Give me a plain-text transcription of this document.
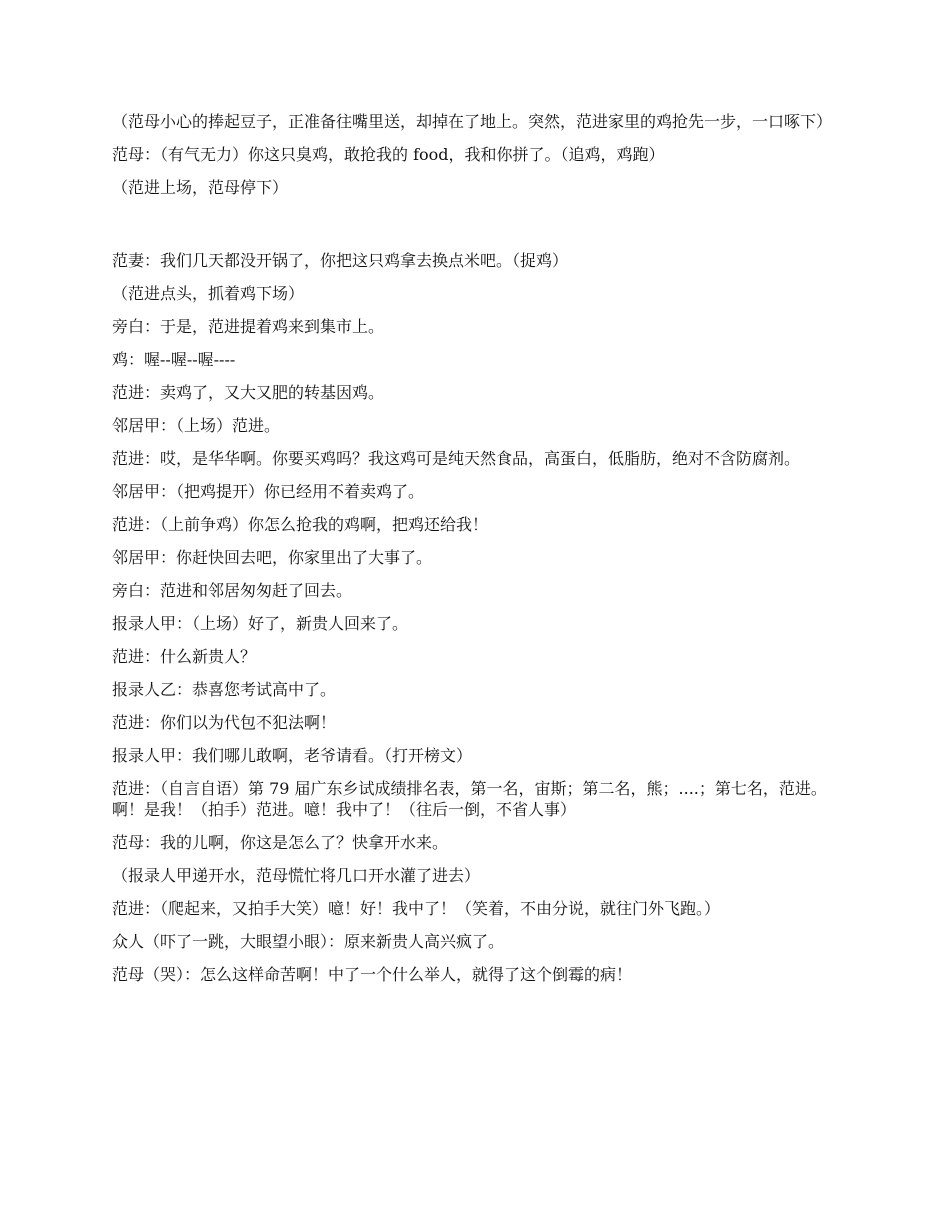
（范母小心的捧起豆子，正准备往嘴里送，却掉在了地上。突然，范进家里的鸡抢先一步，一口啄下）

范母：（有气无力）你这只臭鸡，敢抢我的 food，我和你拼了。（追鸡，鸡跑）

（范进上场，范母停下）

范妻：我们几天都没开锅了，你把这只鸡拿去换点米吧。（捉鸡）

（范进点头，抓着鸡下场）

旁白：于是，范进提着鸡来到集市上。

鸡：喔--喔--喔----

范进：卖鸡了，又大又肥的转基因鸡。

邻居甲：（上场）范进。

范进：哎，是华华啊。你要买鸡吗？我这鸡可是纯天然食品，高蛋白，低脂肪，绝对不含防腐剂。

邻居甲：（把鸡提开）你已经用不着卖鸡了。

范进：（上前争鸡）你怎么抢我的鸡啊，把鸡还给我！

邻居甲：你赶快回去吧，你家里出了大事了。

旁白：范进和邻居匆匆赶了回去。

报录人甲：（上场）好了，新贵人回来了。

范进：什么新贵人？

报录人乙：恭喜您考试高中了。

范进：你们以为代包不犯法啊！

报录人甲：我们哪儿敢啊，老爷请看。（打开榜文）

范进：（自言自语）第 79 届广东乡试成绩排名表，第一名，宙斯；第二名，熊；....；第七名，范进。啊！是我！（拍手）范进。噫！我中了！（往后一倒，不省人事）

范母：我的儿啊，你这是怎么了？快拿开水来。

（报录人甲递开水，范母慌忙将几口开水灌了进去）

范进：（爬起来，又拍手大笑）噫！好！我中了！（笑着，不由分说，就往门外飞跑。）

众人（吓了一跳，大眼望小眼）：原来新贵人高兴疯了。

范母（哭）：怎么这样命苦啊！中了一个什么举人，就得了这个倒霉的病！
